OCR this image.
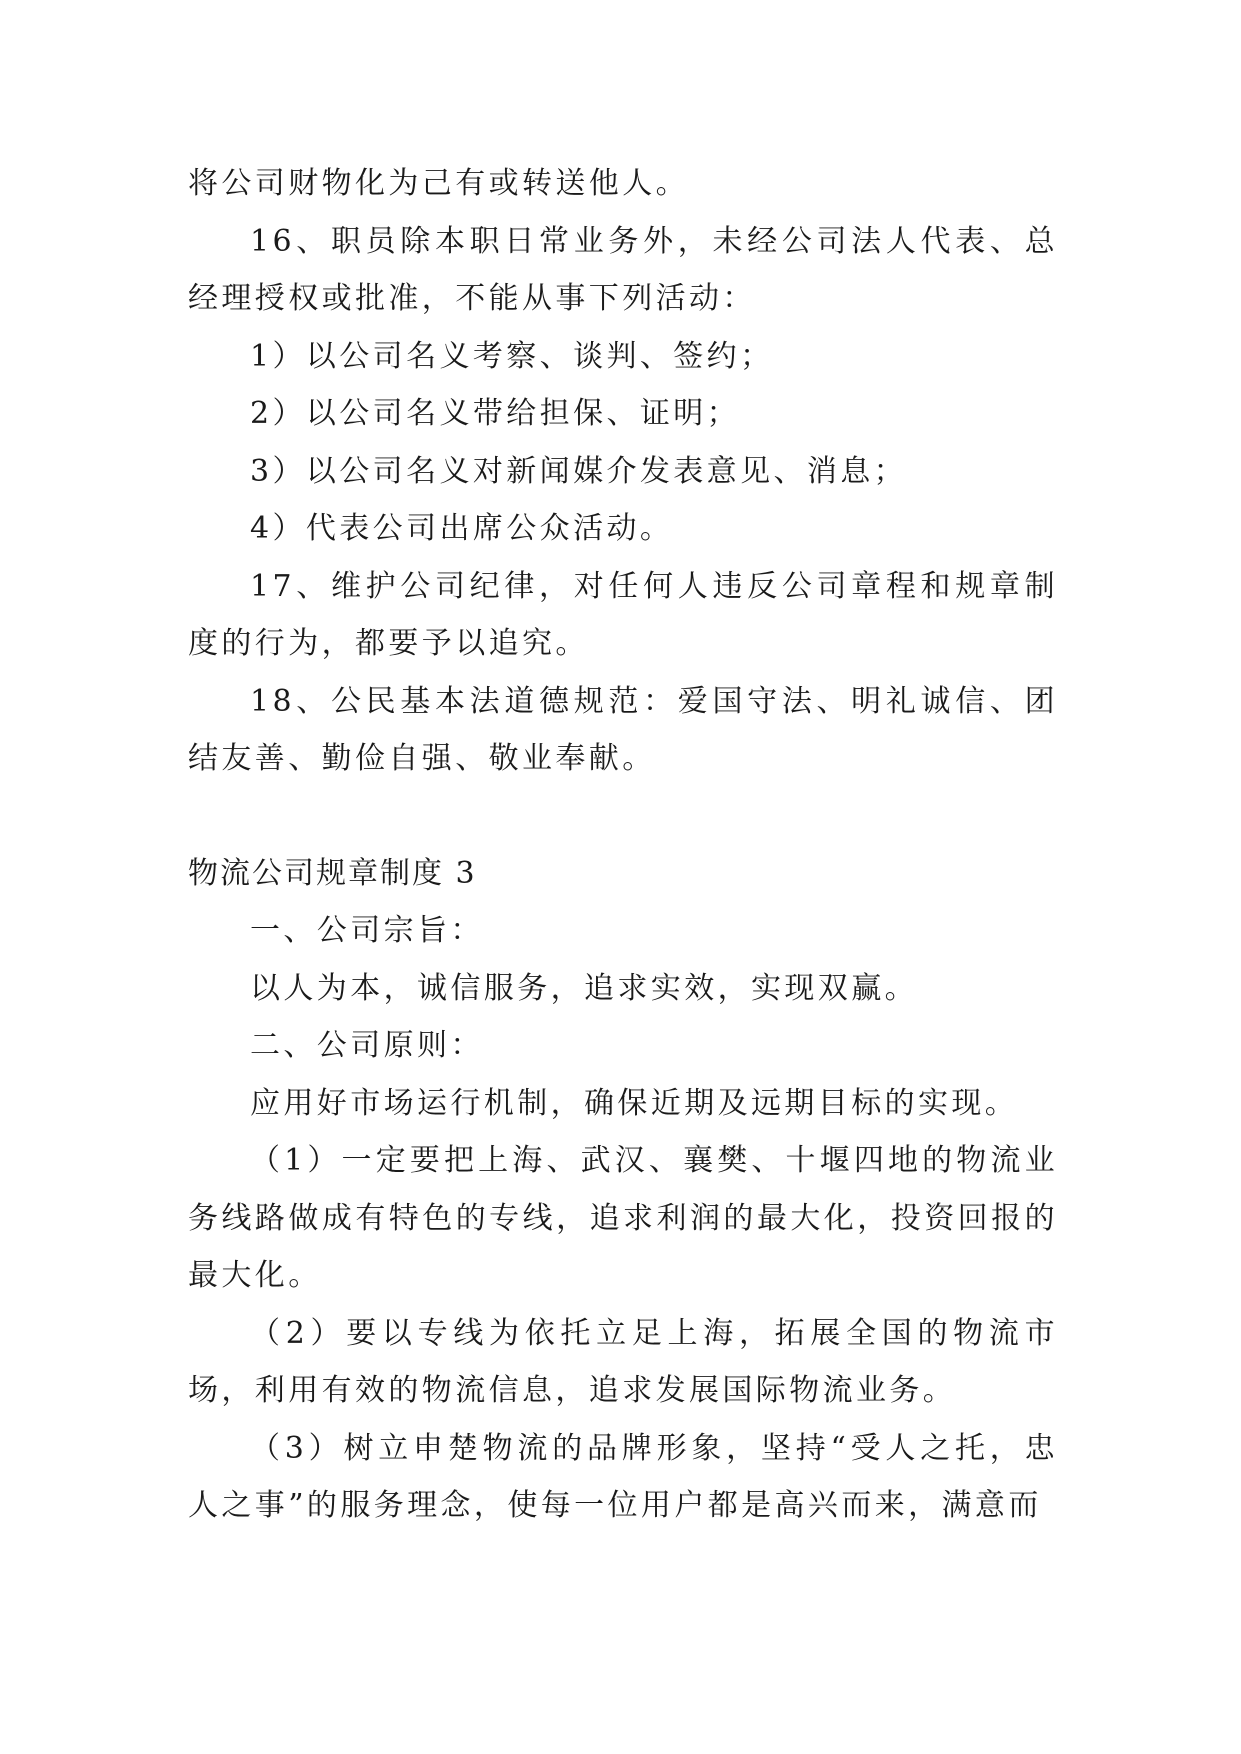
将公司财物化为己有或转送他人。

16、职员除本职日常业务外，未经公司法人代表、总经理授权或批准，不能从事下列活动：

1）以公司名义考察、谈判、签约；

2）以公司名义带给担保、证明；

3）以公司名义对新闻媒介发表意见、消息；

4）代表公司出席公众活动。

17、维护公司纪律，对任何人违反公司章程和规章制度的行为，都要予以追究。

18、公民基本法道德规范：爱国守法、明礼诚信、团结友善、勤俭自强、敬业奉献。

物流公司规章制度 3

一、公司宗旨：

以人为本，诚信服务，追求实效，实现双赢。

二、公司原则：

应用好市场运行机制，确保近期及远期目标的实现。

（1）一定要把上海、武汉、襄樊、十堰四地的物流业务线路做成有特色的专线，追求利润的最大化，投资回报的最大化。

（2）要以专线为依托立足上海，拓展全国的物流市场，利用有效的物流信息，追求发展国际物流业务。

（3）树立申楚物流的品牌形象，坚持“受人之托，忠人之事”的服务理念，使每一位用户都是高兴而来，满意而
